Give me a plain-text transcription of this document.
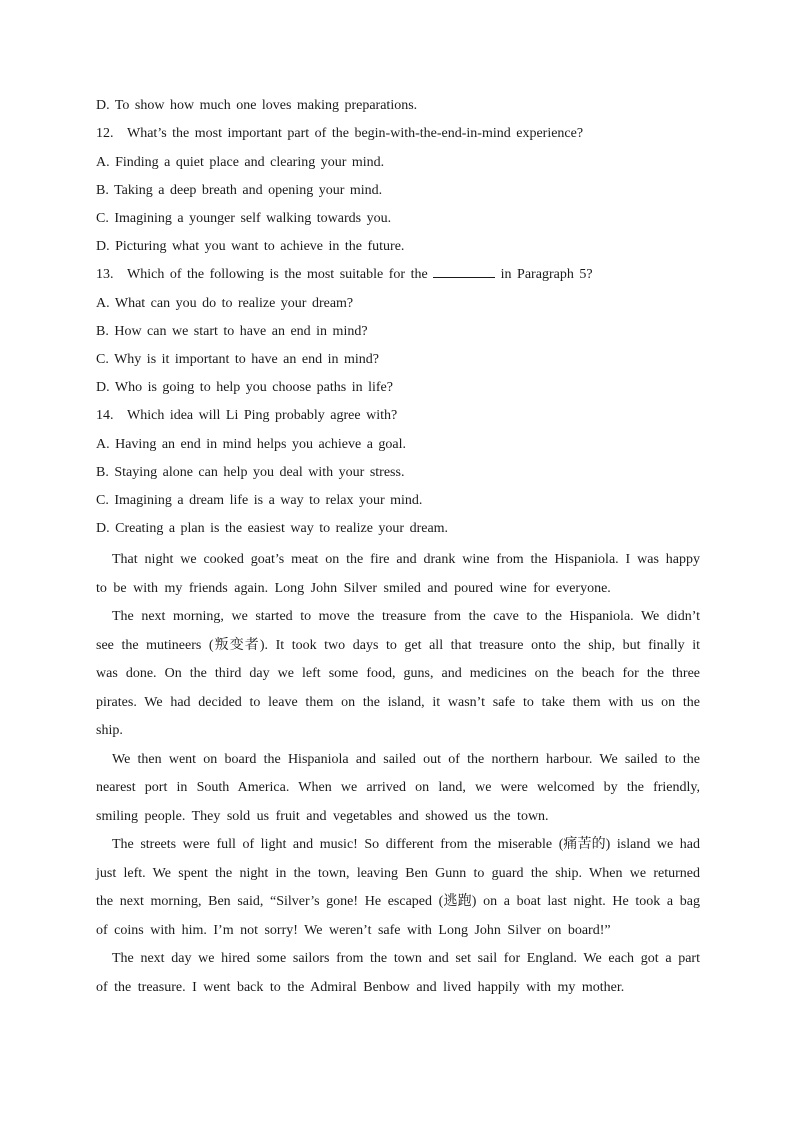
D. To show how much one loves making preparations.
12. What’s the most important part of the begin-with-the-end-in-mind experience?
A. Finding a quiet place and clearing your mind.
B. Taking a deep breath and opening your mind.
C. Imagining a younger self walking towards you.
D. Picturing what you want to achieve in the future.
13. Which of the following is the most suitable for the	in Paragraph 5?
A. What can you do to realize your dream?
B. How can we start to have an end in mind?
C. Why is it important to have an end in mind?
D. Who is going to help you choose paths in life?
14. Which idea will Li Ping probably agree with?
A. Having an end in mind helps you achieve a goal.
B. Staying alone can help you deal with your stress.
C. Imagining a dream life is a way to relax your mind.
D. Creating a plan is the easiest way to realize your dream.

That night we cooked goat’s meat on the fire and drank wine from the Hispaniola. I was happy to be with my friends again. Long John Silver smiled and poured wine for everyone.

The next morning, we started to move the treasure from the cave to the Hispaniola. We didn’t see the mutineers (叛变者). It took two days to get all that treasure onto the ship, but finally it was done. On the third day we left some food, guns, and medicines on the beach for the three pirates. We had decided to leave them on the island, it wasn’t safe to take them with us on the ship.

We then went on board the Hispaniola and sailed out of the northern harbour. We sailed to the nearest port in South America. When we arrived on land, we were welcomed by the friendly, smiling people. They sold us fruit and vegetables and showed us the town.

The streets were full of light and music! So different from the miserable (痛苦的) island we had just left. We spent the night in the town, leaving Ben Gunn to guard the ship. When we returned the next morning, Ben said, “Silver’s gone! He escaped (逃跑) on a boat last night. He took a bag of coins with him. I’m not sorry! We weren’t safe with Long John Silver on board!”

The next day we hired some sailors from the town and set sail for England. We each got a part of the treasure. I went back to the Admiral Benbow and lived happily with my mother.
